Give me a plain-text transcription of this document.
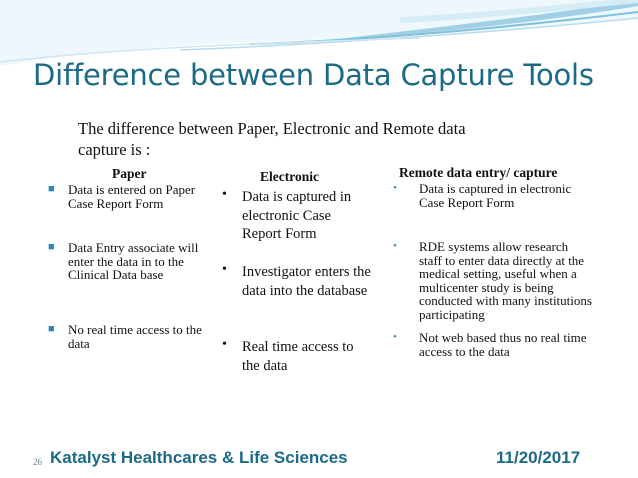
Difference between Data Capture Tools
The difference between Paper, Electronic and Remote data capture is :
Paper
■ Data is entered on Paper Case Report Form
■ Data Entry associate will enter the data in to the Clinical Data base
■ No real time access to the data
Electronic
• Data is captured in electronic Case Report Form
• Investigator enters the data into the database
• Real time access to the data
Remote data entry/ capture
• Data is captured in electronic Case Report Form
• RDE systems allow research staff to enter data directly at the medical setting, useful when a multicenter study is being conducted with many institutions participating
• Not web based thus no real time access to the data
26 Katalyst Healthcares & Life Sciences	11/20/2017
